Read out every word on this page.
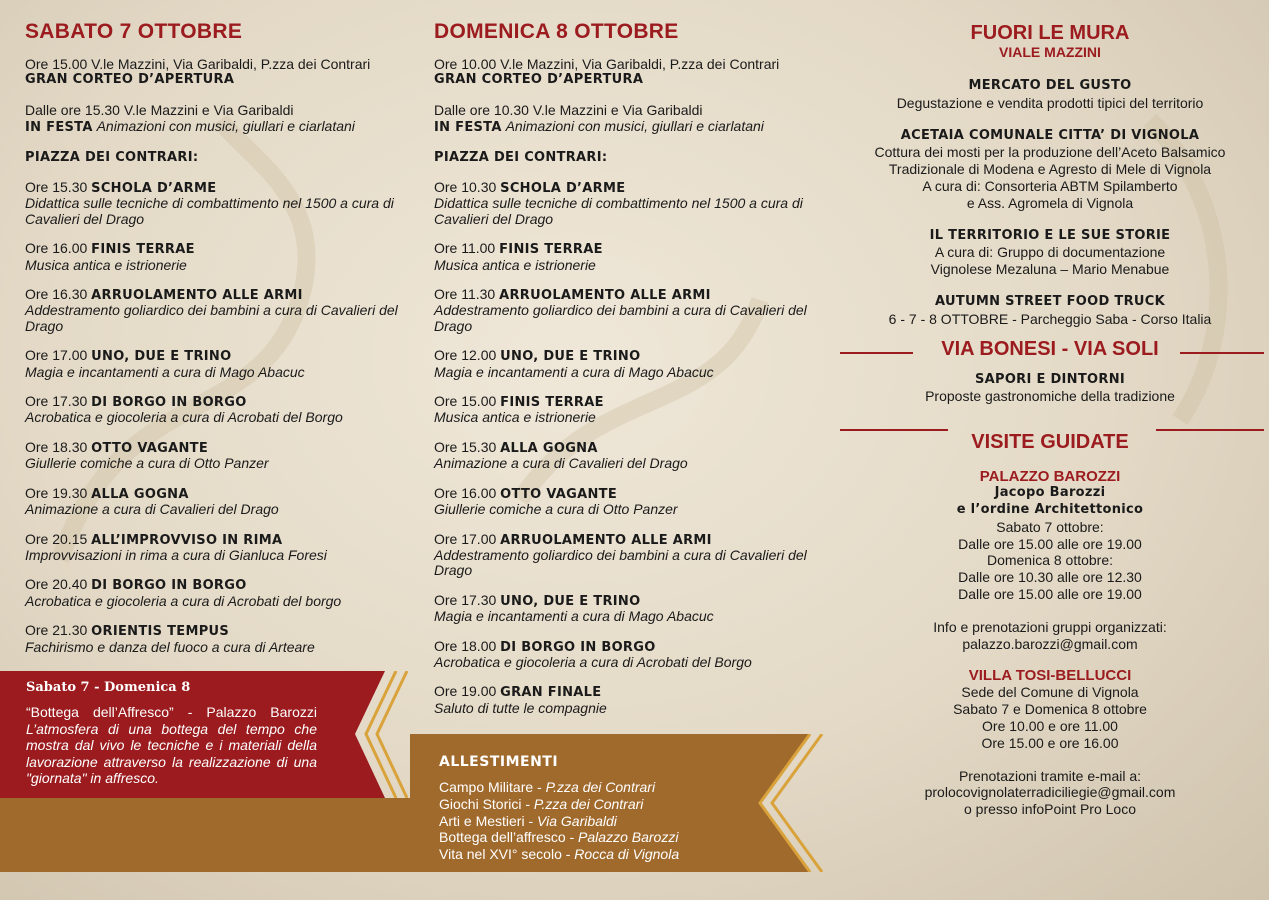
SABATO 7 OTTOBRE
Ore 15.00 V.le Mazzini, Via Garibaldi, P.zza dei Contrari
GRAN CORTEO D’APERTURA
Dalle ore 15.30 V.le Mazzini e Via Garibaldi
IN FESTA Animazioni con musici, giullari e ciarlatani
PIAZZA DEI CONTRARI:
Ore 15.30 SCHOLA D’ARME
Didattica sulle tecniche di combattimento nel 1500 a cura di Cavalieri del Drago
Ore 16.00 FINIS TERRAE
Musica antica e istrionerie
Ore 16.30 ARRUOLAMENTO ALLE ARMI
Addestramento goliardico dei bambini a cura di Cavalieri del Drago
Ore 17.00 UNO, DUE E TRINO
Magia e incantamenti a cura di Mago Abacuc
Ore 17.30 DI BORGO IN BORGO
Acrobatica e giocoleria a cura di Acrobati del Borgo
Ore 18.30 OTTO VAGANTE
Giullerie comiche a cura di Otto Panzer
Ore 19.30 ALLA GOGNA
Animazione a cura di Cavalieri del Drago
Ore 20.15 ALL’IMPROVVISO IN RIMA
Improvvisazioni in rima a cura di Gianluca Foresi
Ore 20.40 DI BORGO IN BORGO
Acrobatica e giocoleria a cura di Acrobati del borgo
Ore 21.30 ORIENTIS TEMPUS
Fachirismo e danza del fuoco a cura di Arteare
DOMENICA 8 OTTOBRE
Ore 10.00 V.le Mazzini, Via Garibaldi, P.zza dei Contrari
GRAN CORTEO D’APERTURA
Dalle ore 10.30 V.le Mazzini e Via Garibaldi
IN FESTA Animazioni con musici, giullari e ciarlatani
PIAZZA DEI CONTRARI:
Ore 10.30 SCHOLA D’ARME
Didattica sulle tecniche di combattimento nel 1500 a cura di Cavalieri del Drago
Ore 11.00 FINIS TERRAE
Musica antica e istrionerie
Ore 11.30 ARRUOLAMENTO ALLE ARMI
Addestramento goliardico dei bambini a cura di Cavalieri del Drago
Ore 12.00 UNO, DUE E TRINO
Magia e incantamenti a cura di Mago Abacuc
Ore 15.00 FINIS TERRAE
Musica antica e istrionerie
Ore 15.30 ALLA GOGNA
Animazione a cura di Cavalieri del Drago
Ore 16.00 OTTO VAGANTE
Giullerie comiche a cura di Otto Panzer
Ore 17.00 ARRUOLAMENTO ALLE ARMI
Addestramento goliardico dei bambini a cura di Cavalieri del Drago
Ore 17.30 UNO, DUE E TRINO
Magia e incantamenti a cura di Mago Abacuc
Ore 18.00 DI BORGO IN BORGO
Acrobatica e giocoleria a cura di Acrobati del Borgo
Ore 19.00 GRAN FINALE
Saluto di tutte le compagnie
FUORI LE MURA
VIALE MAZZINI
MERCATO DEL GUSTO
Degustazione e vendita prodotti tipici del territorio
ACETAIA COMUNALE CITTA’ DI VIGNOLA
Cottura dei mosti per la produzione dell’Aceto Balsamico
Tradizionale di Modena e Agresto di Mele di Vignola
A cura di: Consorteria ABTM Spilamberto
e Ass. Agromela di Vignola
IL TERRITORIO E LE SUE STORIE
A cura di: Gruppo di documentazione
Vignolese Mezaluna – Mario Menabue
AUTUMN STREET FOOD TRUCK
6 - 7 - 8 OTTOBRE - Parcheggio Saba - Corso Italia
VIA BONESI - VIA SOLI
SAPORI E DINTORNI
Proposte gastronomiche della tradizione
VISITE GUIDATE
PALAZZO BAROZZI
Jacopo Barozzi
e l’ordine Architettonico
Sabato 7 ottobre:
Dalle ore 15.00 alle ore 19.00
Domenica 8 ottobre:
Dalle ore 10.30 alle ore 12.30
Dalle ore 15.00 alle ore 19.00
Info e prenotazioni gruppi organizzati:
palazzo.barozzi@gmail.com
VILLA TOSI-BELLUCCI
Sede del Comune di Vignola
Sabato 7 e Domenica 8 ottobre
Ore 10.00 e ore 11.00
Ore 15.00 e ore 16.00
Prenotazioni tramite e-mail a:
prolocovignolaterradiciliegie@gmail.com
o presso infoPoint Pro Loco
ALLESTIMENTI
Campo Militare - P.zza dei Contrari
Giochi Storici - P.zza dei Contrari
Arti e Mestieri - Via Garibaldi
Bottega dell’affresco - Palazzo Barozzi
Vita nel XVI° secolo - Rocca di Vignola
Sabato 7 - Domenica 8
“Bottega dell’Affresco” - Palazzo Barozzi
L’atmosfera di una bottega del tempo che mostra dal vivo le tecniche e i materiali della lavorazione attraverso la realizzazione di una "giornata" in affresco.
